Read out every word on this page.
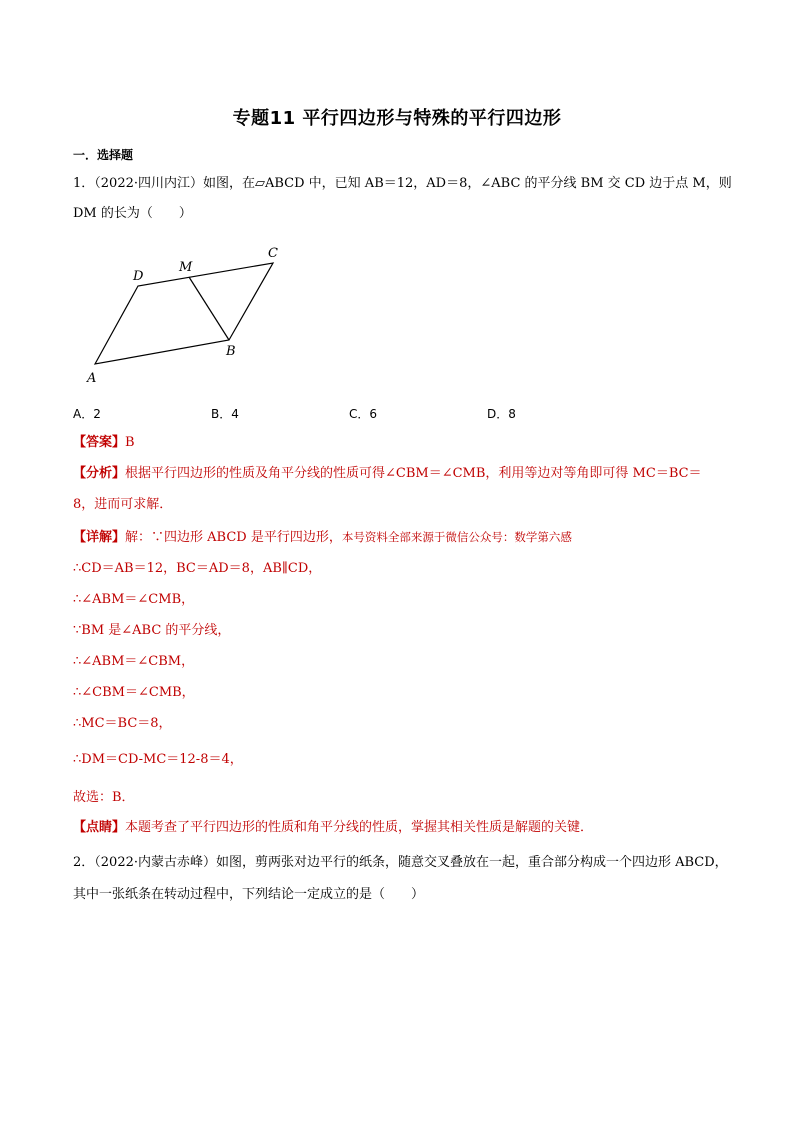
专题11 平行四边形与特殊的平行四边形
一．选择题
1．（2022·四川内江）如图，在▱ABCD 中，已知 AB＝12，AD＝8，∠ABC 的平分线 BM 交 CD 边于点 M，则
DM 的长为（　　）
A
B
C
D
M
A．2	B．4	C．6	D．8
【答案】B
【分析】根据平行四边形的性质及角平分线的性质可得∠CBM＝∠CMB，利用等边对等角即可得 MC＝BC＝
8，进而可求解．
【详解】解：∵四边形 ABCD 是平行四边形，本号资料全部来源于微信公众号：数学第六感
∴CD＝AB＝12，BC＝AD＝8，AB∥CD，
∴∠ABM＝∠CMB，
∵BM 是∠ABC 的平分线，
∴∠ABM＝∠CBM，
∴∠CBM＝∠CMB，
∴MC＝BC＝8，
∴DM＝CD-MC＝12-8＝4，
故选：B．
【点睛】本题考查了平行四边形的性质和角平分线的性质，掌握其相关性质是解题的关键．
2．（2022·内蒙古赤峰）如图，剪两张对边平行的纸条，随意交叉叠放在一起，重合部分构成一个四边形 ABCD，
其中一张纸条在转动过程中，下列结论一定成立的是（　　）
